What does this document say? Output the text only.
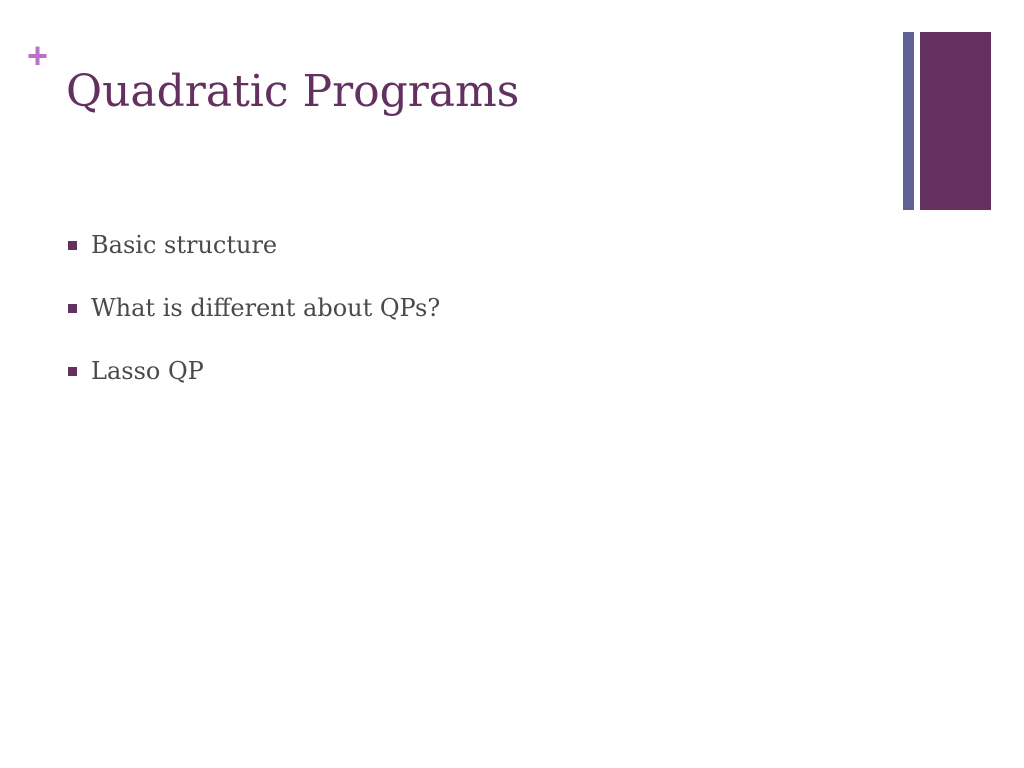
+
Quadratic Programs
Basic structure
What is different about QPs?
Lasso QP
